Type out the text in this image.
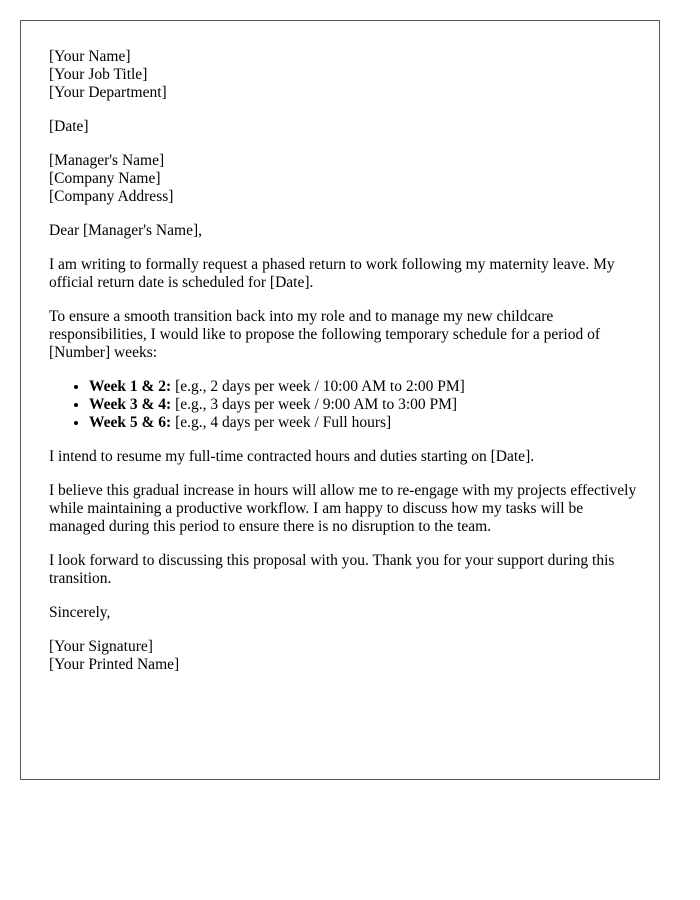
[Your Name]
[Your Job Title]
[Your Department]
[Date]
[Manager's Name]
[Company Name]
[Company Address]

Dear [Manager's Name],

I am writing to formally request a phased return to work following my maternity leave. My official return date is scheduled for [Date].

To ensure a smooth transition back into my role and to manage my new childcare responsibilities, I would like to propose the following temporary schedule for a period of [Number] weeks:

• Week 1 & 2: [e.g., 2 days per week / 10:00 AM to 2:00 PM]
• Week 3 & 4: [e.g., 3 days per week / 9:00 AM to 3:00 PM]
• Week 5 & 6: [e.g., 4 days per week / Full hours]

I intend to resume my full-time contracted hours and duties starting on [Date].

I believe this gradual increase in hours will allow me to re-engage with my projects effectively while maintaining a productive workflow. I am happy to discuss how my tasks will be managed during this period to ensure there is no disruption to the team.

I look forward to discussing this proposal with you. Thank you for your support during this transition.

Sincerely,

[Your Signature]
[Your Printed Name]
